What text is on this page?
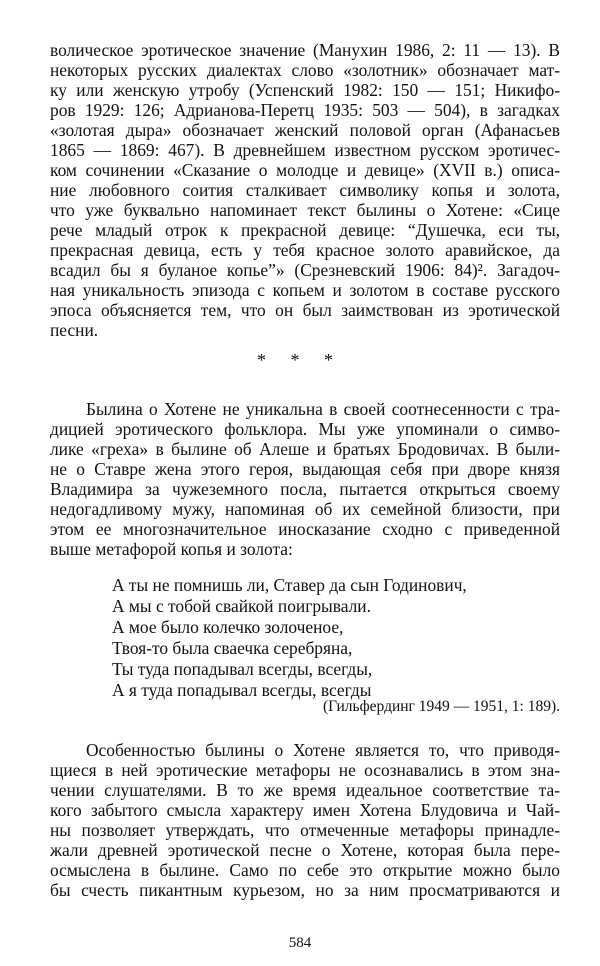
волическое эротическое значение (Манухин 1986, 2: 11 — 13). В
некоторых русских диалектах слово «золотник» обозначает мат-
ку или женскую утробу (Успенский 1982: 150 — 151; Никифо-
ров 1929: 126; Адрианова-Перетц 1935: 503 — 504), в загадках
«золотая дыра» обозначает женский половой орган (Афанасьев
1865 — 1869: 467). В древнейшем известном русском эротичес-
ком сочинении «Сказание о молодце и девице» (XVII в.) описа-
ние любовного соития сталкивает символику копья и золота,
что уже буквально напоминает текст былины о Хотене: «Сице
рече младый отрок к прекрасной девице: “Душечка, еси ты,
прекрасная девица, есть у тебя красное золото аравийское, да
всадил бы я буланое копье”» (Срезневский 1906: 84)². Загадоч-
ная уникальность эпизода с копьем и золотом в составе русского
эпоса объясняется тем, что он был заимствован из эротической
песни.
* * *
Былина о Хотене не уникальна в своей соотнесенности с тра-
дицией эротического фольклора. Мы уже упоминали о симво-
лике «греха» в былине об Алеше и братьях Бродовичах. В были-
не о Ставре жена этого героя, выдающая себя при дворе князя
Владимира за чужеземного посла, пытается открыться своему
недогадливому мужу, напоминая об их семейной близости, при
этом ее многозначительное иносказание сходно с приведенной
выше метафорой копья и золота:
А ты не помнишь ли, Ставер да сын Годинович,
А мы с тобой свайкой поигрывали.
А мое было колечко золоченое,
Твоя-то была сваечка серебряна,
Ты туда попадывал всегды, всегды,
А я туда попадывал всегды, всегды
(Гильфердинг 1949 — 1951, 1: 189).
Особенностью былины о Хотене является то, что приводя-
щиеся в ней эротические метафоры не осознавались в этом зна-
чении слушателями. В то же время идеальное соответствие та-
кого забытого смысла характеру имен Хотена Блудовича и Чай-
ны позволяет утверждать, что отмеченные метафоры принадле-
жали древней эротической песне о Хотене, которая была пере-
осмыслена в былине. Само по себе это открытие можно было
бы счесть пикантным курьезом, но за ним просматриваются и
584
